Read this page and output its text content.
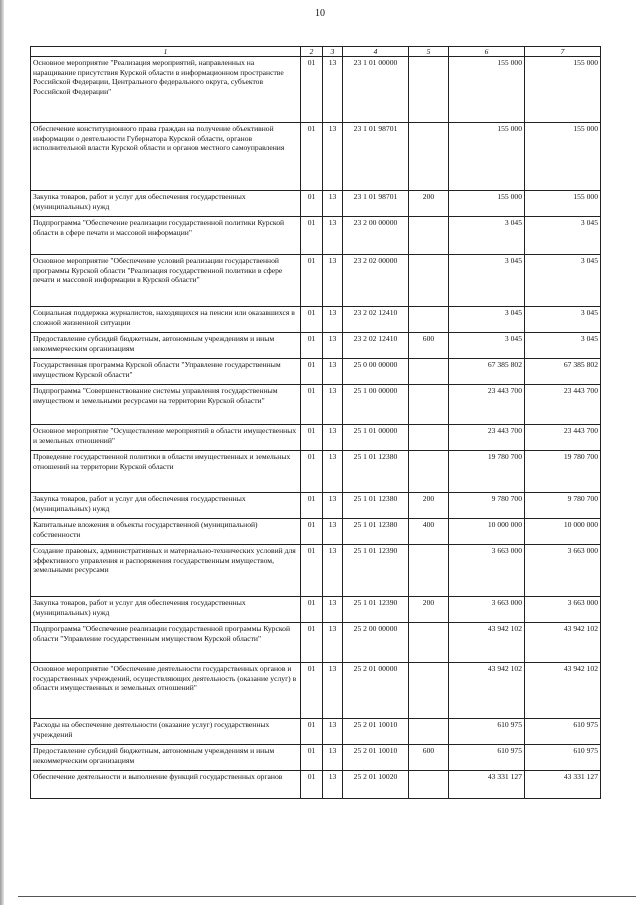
10
1	2	3	4	5	6	7
Основное мероприятие "Реализация мероприятий, направленных на наращивание присутствия Курской области в информационном пространстве Российской Федерации, Центрального федерального округа, субъектов Российской Федерации"	01	13	23 1 01 00000		155 000	155 000
Обеспечение конституционного права граждан на получение объективной информации о деятельности Губернатора Курской области, органов исполнительной власти Курской области и органов местного самоуправления	01	13	23 1 01 98701		155 000	155 000
Закупка товаров, работ и услуг для обеспечения государственных (муниципальных) нужд	01	13	23 1 01 98701	200	155 000	155 000
Подпрограмма "Обеспечение реализации государственной политики Курской области в сфере печати и массовой информации"	01	13	23 2 00 00000		3 045	3 045
Основное мероприятие "Обеспечение условий реализации государственной программы Курской области "Реализация государственной политики в сфере печати и массовой информации в Курской области"	01	13	23 2 02 00000		3 045	3 045
Социальная поддержка журналистов, находящихся на пенсии или оказавшихся в сложной жизненной ситуации	01	13	23 2 02 12410		3 045	3 045
Предоставление субсидий бюджетным, автономным учреждениям и иным некоммерческим организациям	01	13	23 2 02 12410	600	3 045	3 045
Государственная программа Курской области "Управление государственным имуществом Курской области"	01	13	25 0 00 00000		67 385 802	67 385 802
Подпрограмма "Совершенствование системы управления государственным имуществом и земельными ресурсами на территории Курской области"	01	13	25 1 00 00000		23 443 700	23 443 700
Основное мероприятие "Осуществление мероприятий в области имущественных и земельных отношений"	01	13	25 1 01 00000		23 443 700	23 443 700
Проведение государственной политики в области имущественных и земельных отношений на территории Курской области	01	13	25 1 01 12380		19 780 700	19 780 700
Закупка товаров, работ и услуг для обеспечения государственных (муниципальных) нужд	01	13	25 1 01 12380	200	9 780 700	9 780 700
Капитальные вложения в объекты государственной (муниципальной) собственности	01	13	25 1 01 12380	400	10 000 000	10 000 000
Создание правовых, административных и материально-технических условий для эффективного управления и распоряжения государственным имуществом, земельными ресурсами	01	13	25 1 01 12390		3 663 000	3 663 000
Закупка товаров, работ и услуг для обеспечения государственных (муниципальных) нужд	01	13	25 1 01 12390	200	3 663 000	3 663 000
Подпрограмма "Обеспечение реализации государственной программы Курской области "Управление государственным имуществом Курской области"	01	13	25 2 00 00000		43 942 102	43 942 102
Основное мероприятие "Обеспечение деятельности государственных органов и государственных учреждений, осуществляющих деятельность (оказание услуг) в области имущественных и земельных отношений"	01	13	25 2 01 00000		43 942 102	43 942 102
Расходы на обеспечение деятельности (оказание услуг) государственных учреждений	01	13	25 2 01 10010		610 975	610 975
Предоставление субсидий бюджетным, автономным учреждениям и иным некоммерческим организациям	01	13	25 2 01 10010	600	610 975	610 975
Обеспечение деятельности и выполнение функций государственных органов	01	13	25 2 01 10020		43 331 127	43 331 127
